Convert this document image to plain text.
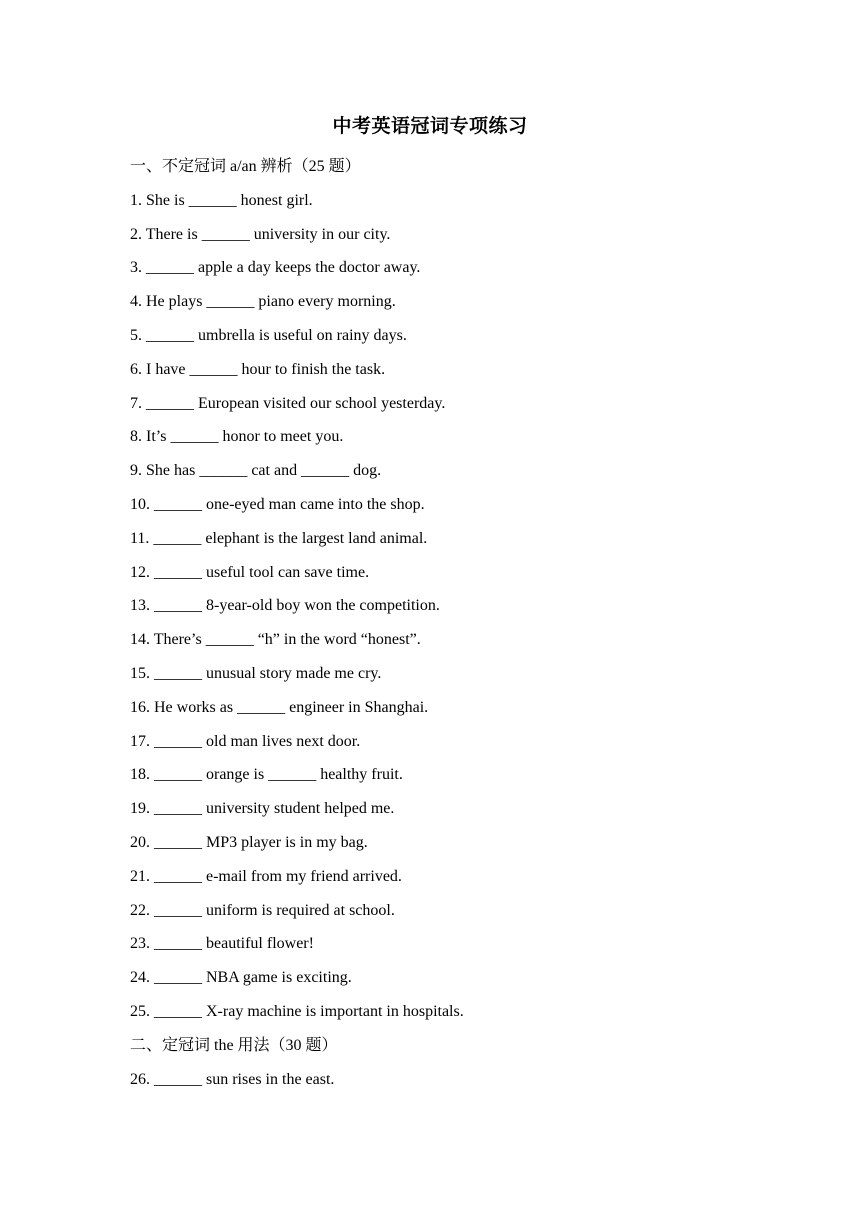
中考英语冠词专项练习
一、不定冠词 a/an 辨析（25 题）
1. She is ______ honest girl.
2. There is ______ university in our city.
3. ______ apple a day keeps the doctor away.
4. He plays ______ piano every morning.
5. ______ umbrella is useful on rainy days.
6. I have ______ hour to finish the task.
7. ______ European visited our school yesterday.
8. It’s ______ honor to meet you.
9. She has ______ cat and ______ dog.
10. ______ one-eyed man came into the shop.
11. ______ elephant is the largest land animal.
12. ______ useful tool can save time.
13. ______ 8-year-old boy won the competition.
14. There’s ______ “h” in the word “honest”.
15. ______ unusual story made me cry.
16. He works as ______ engineer in Shanghai.
17. ______ old man lives next door.
18. ______ orange is ______ healthy fruit.
19. ______ university student helped me.
20. ______ MP3 player is in my bag.
21. ______ e-mail from my friend arrived.
22. ______ uniform is required at school.
23. ______ beautiful flower!
24. ______ NBA game is exciting.
25. ______ X-ray machine is important in hospitals.
二、定冠词 the 用法（30 题）
26. ______ sun rises in the east.
